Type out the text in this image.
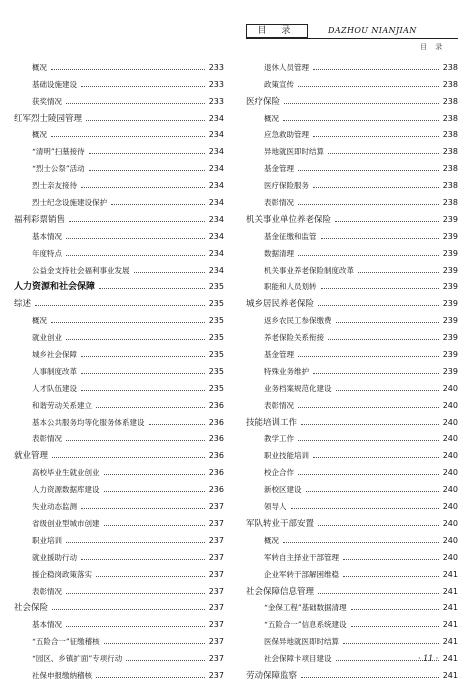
目 录	DAZHOU NIANJIAN
目 录
概况	233
基础设施建设	233
获奖情况	233
红军烈士陵园管理	234
概况	234
“清明”扫墓接待	234
“烈士公祭”活动	234
烈士亲友接待	234
烈士纪念设施建设保护	234
福利彩票销售	234
基本情况	234
年度特点	234
公益金支持社会福利事业发展	234
人力资源和社会保障	235
综述	235
概况	235
就业创业	235
城乡社会保障	235
人事制度改革	235
人才队伍建设	235
和谐劳动关系建立	236
基本公共服务均等化服务体系建设	236
表彰情况	236
就业管理	236
高校毕业生就业创业	236
人力资源数据库建设	236
失业动态监测	237
省级创业型城市创建	237
职业培训	237
就业援助行动	237
援企稳岗政策落实	237
表彰情况	237
社会保险	237
基本情况	237
“五险合一”征缴稽核	237
“园区、乡镇扩面”专项行动	237
社保申报缴纳稽核	237
退休人员管理	238
政策宣传	238
医疗保险	238
概况	238
应急救助管理	238
异地就医即时结算	238
基金管理	238
医疗保险服务	238
表彰情况	238
机关事业单位养老保险	239
基金征缴和监管	239
数据清理	239
机关事业养老保险制度改革	239
职能和人员划转	239
城乡居民养老保险	239
返乡农民工参保缴费	239
养老保险关系衔接	239
基金管理	239
特殊业务维护	239
业务档案规范化建设	240
表彰情况	240
技能培训工作	240
教学工作	240
职业技能培训	240
校企合作	240
新校区建设	240
领导人	240
军队转业干部安置	240
概况	240
军转自主择业干部管理	240
企业军转干部解困维稳	241
社会保障信息管理	241
“金保工程”基础数据清理	241
“五险合一”信息系统建设	241
医保异地就医即时结算	241
社会保障卡项目建设	241
劳动保障监察	241
· 11 ·
